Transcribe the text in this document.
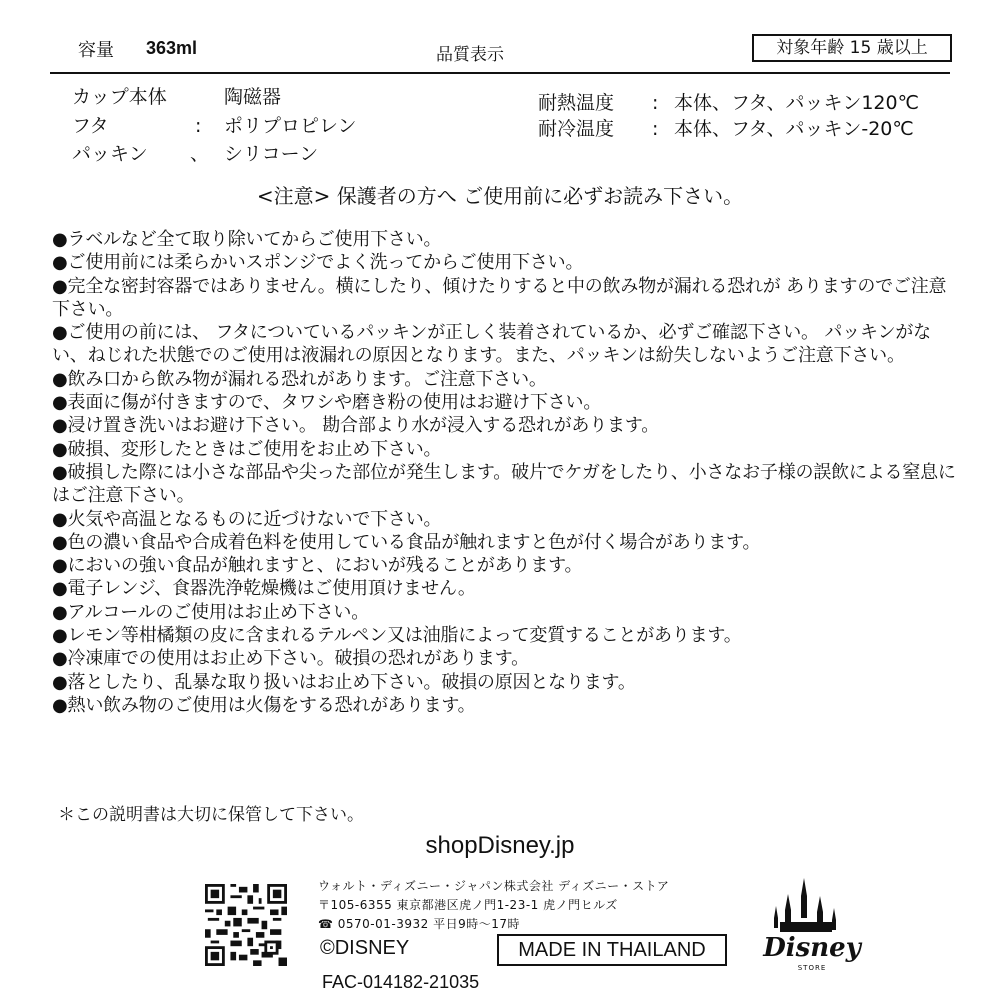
容量 363ml	品質表示	対象年齢 15 歳以上
カップ本体	陶磁器
フタ	: ポリプロピレン
パッキン 、 シリコーン
耐熱温度 : 本体、フタ、パッキン120℃
耐冷温度 : 本体、フタ、パッキン-20℃
<注意> 保護者の方へ ご使用前に必ずお読み下さい。
● ラベルなど全て取り除いてからご使用下さい。
● ご使用前には柔らかいスポンジでよく洗ってからご使用下さい。
● 完全な密封容器ではありません。横にしたり、傾けたりすると中の飲み物が漏れる恐れが ありますのでご注意下さい。
● ご使用の前には、 フタについているパッキンが正しく装着されているか、必ずご確認下さい。 パッキンがない、ねじれた状態でのご使用は液漏れの原因となります。また、パッキンは紛失しないようご注意下さい。
● 飲み口から飲み物が漏れる恐れがあります。ご注意下さい。
● 表面に傷が付きますので、タワシや磨き粉の使用はお避け下さい。
● 浸け置き洗いはお避け下さい。 勘合部より水が浸入する恐れがあります。
● 破損、変形したときはご使用をお止め下さい。
● 破損した際には小さな部品や尖った部位が発生します。破片でケガをしたり、小さなお子様の誤飲による窒息にはご注意下さい。
● 火気や高温となるものに近づけないで下さい。
● 色の濃い食品や合成着色料を使用している食品が触れますと色が付く場合があります。
● においの強い食品が触れますと、においが残ることがあります。
● 電子レンジ、食器洗浄乾燥機はご使用頂けません。
● アルコールのご使用はお止め下さい。
● レモン等柑橘類の皮に含まれるテルペン又は油脂によって変質することがあります。
● 冷凍庫での使用はお止め下さい。破損の恐れがあります。
● 落としたり、乱暴な取り扱いはお止め下さい。破損の原因となります。
● 熱い飲み物のご使用は火傷をする恐れがあります。
＊この説明書は大切に保管して下さい。
shopDisney.jp
ウォルト・ディズニー・ジャパン株式会社 ディズニー・ストア
〒105-6355 東京都港区虎ノ門1-23-1 虎ノ門ヒルズ
☎ 0570-01-3932 平日9時～17時
©DISNEY	MADE IN THAILAND	Disney
STORE
FAC-014182-21035
